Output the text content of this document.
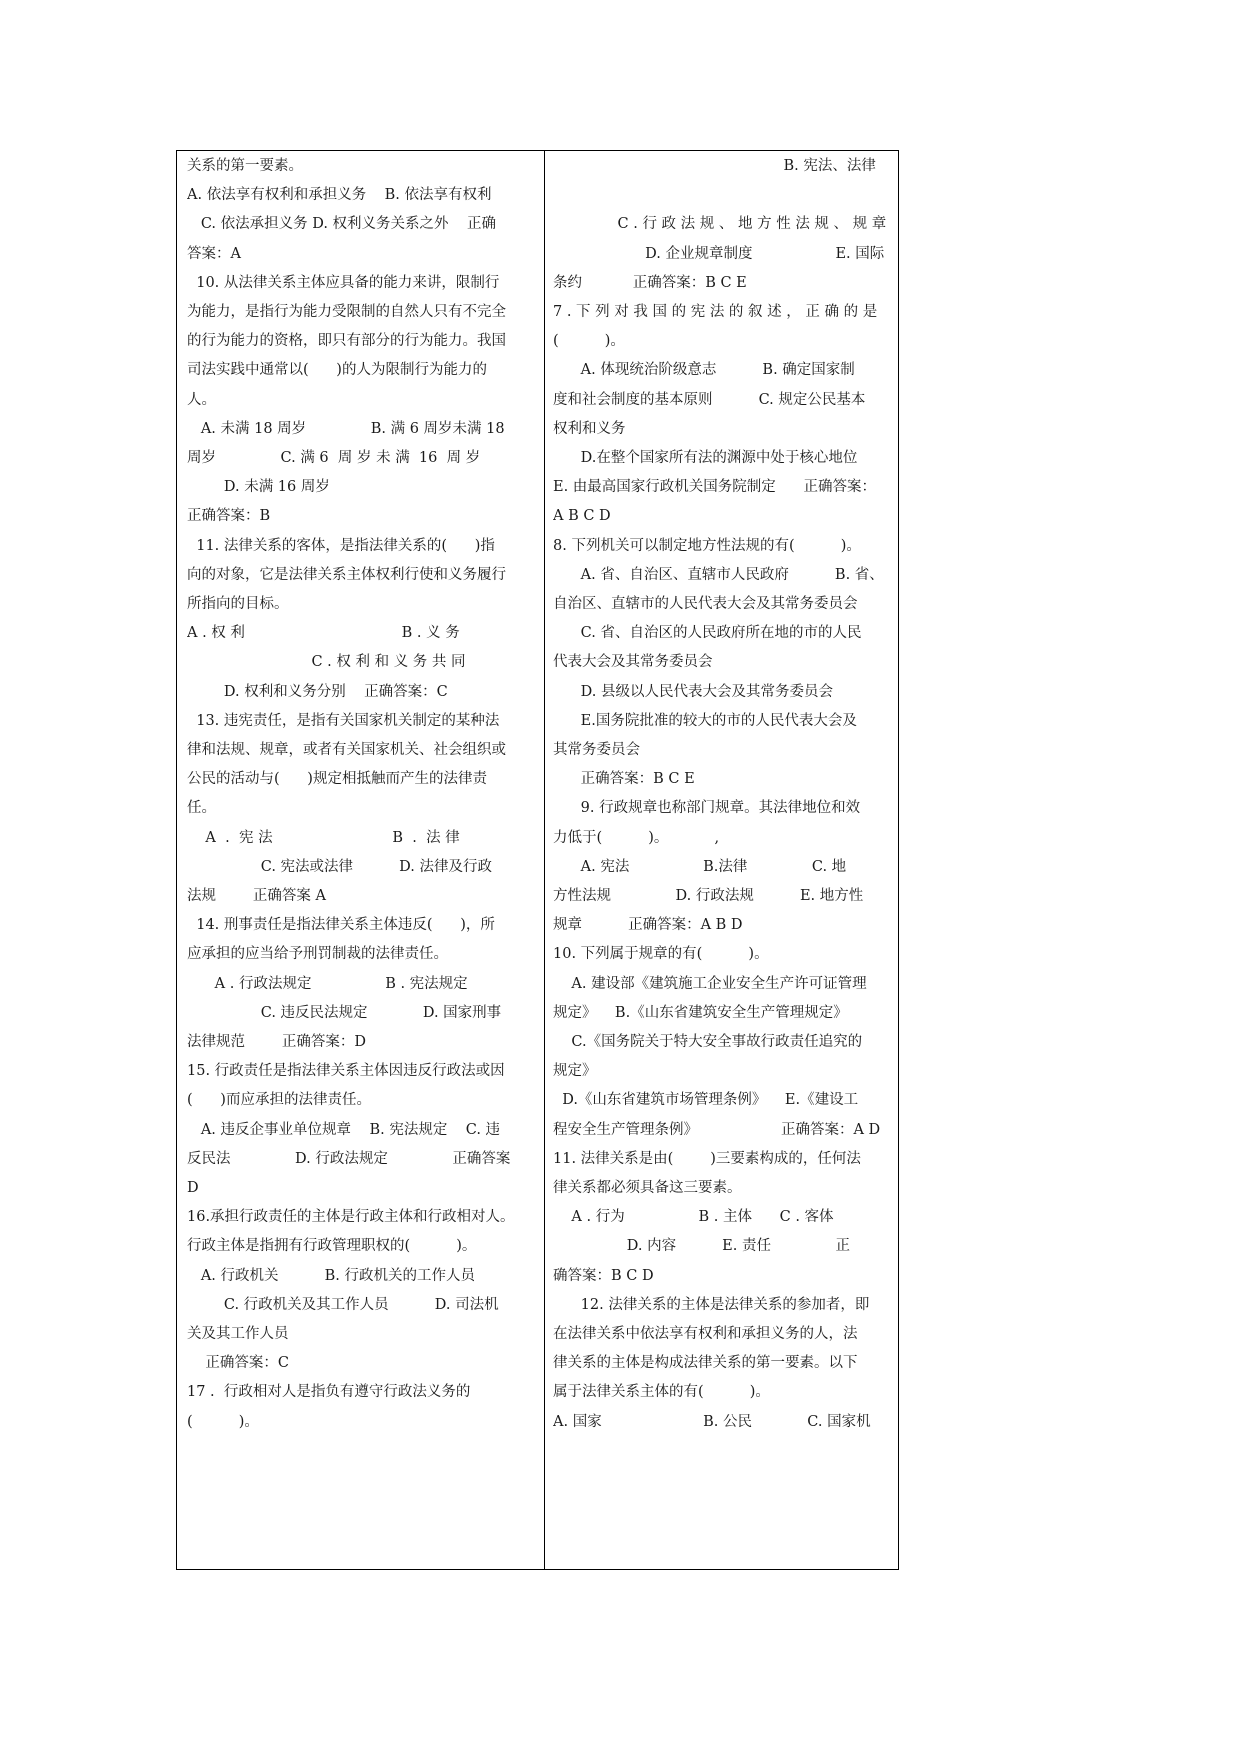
关系的第一要素。
A. 依法享有权利和承担义务    B. 依法享有权利
C. 依法承担义务 D. 权利义务关系之外    正确
答案：A
10. 从法律关系主体应具备的能力来讲，限制行
为能力，是指行为能力受限制的自然人只有不完全
的行为能力的资格，即只有部分的行为能力。我国
司法实践中通常以(      )的人为限制行为能力的
人。
A. 未满 18 周岁              B. 满 6 周岁未满 18
周岁              C. 满 6  周 岁 未 满  16  周 岁
D. 未满 16 周岁
正确答案：B
11. 法律关系的客体，是指法律关系的(      )指
向的对象，它是法律关系主体权利行使和义务履行
所指向的目标。
A . 权 利                                  B . 义 务
C . 权 利 和 义 务 共 同
D. 权利和义务分别    正确答案：C
13. 违宪责任，是指有关国家机关制定的某种法
律和法规、规章，或者有关国家机关、社会组织或
公民的活动与(      )规定相抵触而产生的法律责
任。
A  .  宪 法                          B  .  法 律
C. 宪法或法律          D. 法律及行政
法规        正确答案 A
14. 刑事责任是指法律关系主体违反(      )，所
应承担的应当给予刑罚制裁的法律责任。
A . 行政法规定                B . 宪法规定
C. 违反民法规定            D. 国家刑事
法律规范        正确答案：D
15. 行政责任是指法律关系主体因违反行政法或因
(      )而应承担的法律责任。
A. 违反企事业单位规章    B. 宪法规定    C. 违
反民法              D. 行政法规定              正确答案
D
16.承担行政责任的主体是行政主体和行政相对人。
行政主体是指拥有行政管理职权的(          )。
A. 行政机关          B. 行政机关的工作人员
C. 行政机关及其工作人员          D. 司法机
关及其工作人员
正确答案：C
17 .  行政相对人是指负有遵守行政法义务的
(          )。
B. 宪法、法律
C . 行 政 法 规 、 地 方 性 法 规 、 规 章
D. 企业规章制度                  E. 国际
条约           正确答案：B C E
7 . 下 列 对 我 国 的 宪 法 的 叙 述 ， 正 确 的 是
(          )。
A. 体现统治阶级意志          B. 确定国家制
度和社会制度的基本原则          C. 规定公民基本
权利和义务
D.在整个国家所有法的渊源中处于核心地位
E. 由最高国家行政机关国务院制定      正确答案：
A B C D
8. 下列机关可以制定地方性法规的有(          )。
A. 省、自治区、直辖市人民政府          B. 省、
自治区、直辖市的人民代表大会及其常务委员会
C. 省、自治区的人民政府所在地的市的人民
代表大会及其常务委员会
D. 县级以人民代表大会及其常务委员会
E.国务院批准的较大的市的人民代表大会及
其常务委员会
正确答案：B C E
9. 行政规章也称部门规章。其法律地位和效
力低于(          )。          ,
A. 宪法                B.法律              C. 地
方性法规              D. 行政法规          E. 地方性
规章          正确答案：A B D
10. 下列属于规章的有(          )。
A. 建设部《建筑施工企业安全生产许可证管理
规定》    B.《山东省建筑安全生产管理规定》
C.《国务院关于特大安全事故行政责任追究的
规定》
D.《山东省建筑市场管理条例》    E.《建设工
程安全生产管理条例》                  正确答案：A D
11. 法律关系是由(        )三要素构成的，任何法
律关系都必须具备这三要素。
A . 行为                B . 主体      C . 客体
D. 内容          E. 责任              正
确答案：B C D
12. 法律关系的主体是法律关系的参加者，即
在法律关系中依法享有权利和承担义务的人，法
律关系的主体是构成法律关系的第一要素。以下
属于法律关系主体的有(          )。
A. 国家                      B. 公民            C. 国家机
